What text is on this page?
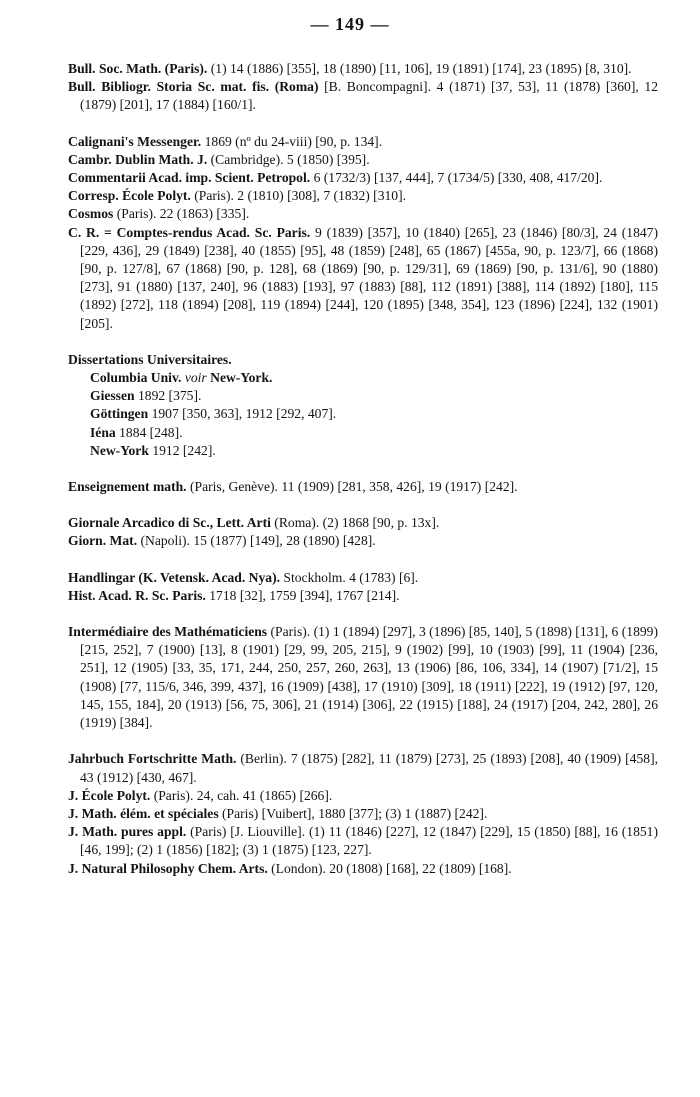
— 149 —

Bull. Soc. Math. (Paris). (1) 14 (1886) [355], 18 (1890) [11, 106], 19 (1891) [174], 23 (1895) [8, 310].

Bull. Bibliogr. Storia Sc. mat. fis. (Roma) [B. Boncompagni]. 4 (1871) [37, 53], 11 (1878) [360], 12 (1879) [201], 17 (1884) [160/1].

Calignani's Messenger. 1869 (nº du 24-viii) [90, p. 134].

Cambr. Dublin Math. J. (Cambridge). 5 (1850) [395].

Commentarii Acad. imp. Scient. Petropol. 6 (1732/3) [137, 444], 7 (1734/5) [330, 408, 417/20].

Corresp. École Polyt. (Paris). 2 (1810) [308], 7 (1832) [310].

Cosmos (Paris). 22 (1863) [335].

C. R. = Comptes-rendus Acad. Sc. Paris. 9 (1839) [357], 10 (1840) [265], 23 (1846) [80/3], 24 (1847) [229, 436], 29 (1849) [238], 40 (1855) [95], 48 (1859) [248], 65 (1867) [455a, 90, p. 123/7], 66 (1868) [90, p. 127/8], 67 (1868) [90, p. 128], 68 (1869) [90, p. 129/31], 69 (1869) [90, p. 131/6], 90 (1880) [273], 91 (1880) [137, 240], 96 (1883) [193], 97 (1883) [88], 112 (1891) [388], 114 (1892) [180], 115 (1892) [272], 118 (1894) [208], 119 (1894) [244], 120 (1895) [348, 354], 123 (1896) [224], 132 (1901) [205].

Dissertations Universitaires.

Columbia Univ. voir New-York.

Giessen 1892 [375].

Göttingen 1907 [350, 363], 1912 [292, 407].

Iéna 1884 [248].

New-York 1912 [242].

Enseignement math. (Paris, Genève). 11 (1909) [281, 358, 426], 19 (1917) [242].

Giornale Arcadico di Sc., Lett. Arti (Roma). (2) 1868 [90, p. 13x].

Giorn. Mat. (Napoli). 15 (1877) [149], 28 (1890) [428].

Handlingar (K. Vetensk. Acad. Nya). Stockholm. 4 (1783) [6].

Hist. Acad. R. Sc. Paris. 1718 [32], 1759 [394], 1767 [214].

Intermédiaire des Mathématiciens (Paris). (1) 1 (1894) [297], 3 (1896) [85, 140], 5 (1898) [131], 6 (1899) [215, 252], 7 (1900) [13], 8 (1901) [29, 99, 205, 215], 9 (1902) [99], 10 (1903) [99], 11 (1904) [236, 251], 12 (1905) [33, 35, 171, 244, 250, 257, 260, 263], 13 (1906) [86, 106, 334], 14 (1907) [71/2], 15 (1908) [77, 115/6, 346, 399, 437], 16 (1909) [438], 17 (1910) [309], 18 (1911) [222], 19 (1912) [97, 120, 145, 155, 184], 20 (1913) [56, 75, 306], 21 (1914) [306], 22 (1915) [188], 24 (1917) [204, 242, 280], 26 (1919) [384].

Jahrbuch Fortschritte Math. (Berlin). 7 (1875) [282], 11 (1879) [273], 25 (1893) [208], 40 (1909) [458], 43 (1912) [430, 467].

J. École Polyt. (Paris). 24, cah. 41 (1865) [266].

J. Math. élém. et spéciales (Paris) [Vuibert], 1880 [377]; (3) 1 (1887) [242].

J. Math. pures appl. (Paris) [J. Liouville]. (1) 11 (1846) [227], 12 (1847) [229], 15 (1850) [88], 16 (1851) [46, 199]; (2) 1 (1856) [182]; (3) 1 (1875) [123, 227].

J. Natural Philosophy Chem. Arts. (London). 20 (1808) [168], 22 (1809) [168].
